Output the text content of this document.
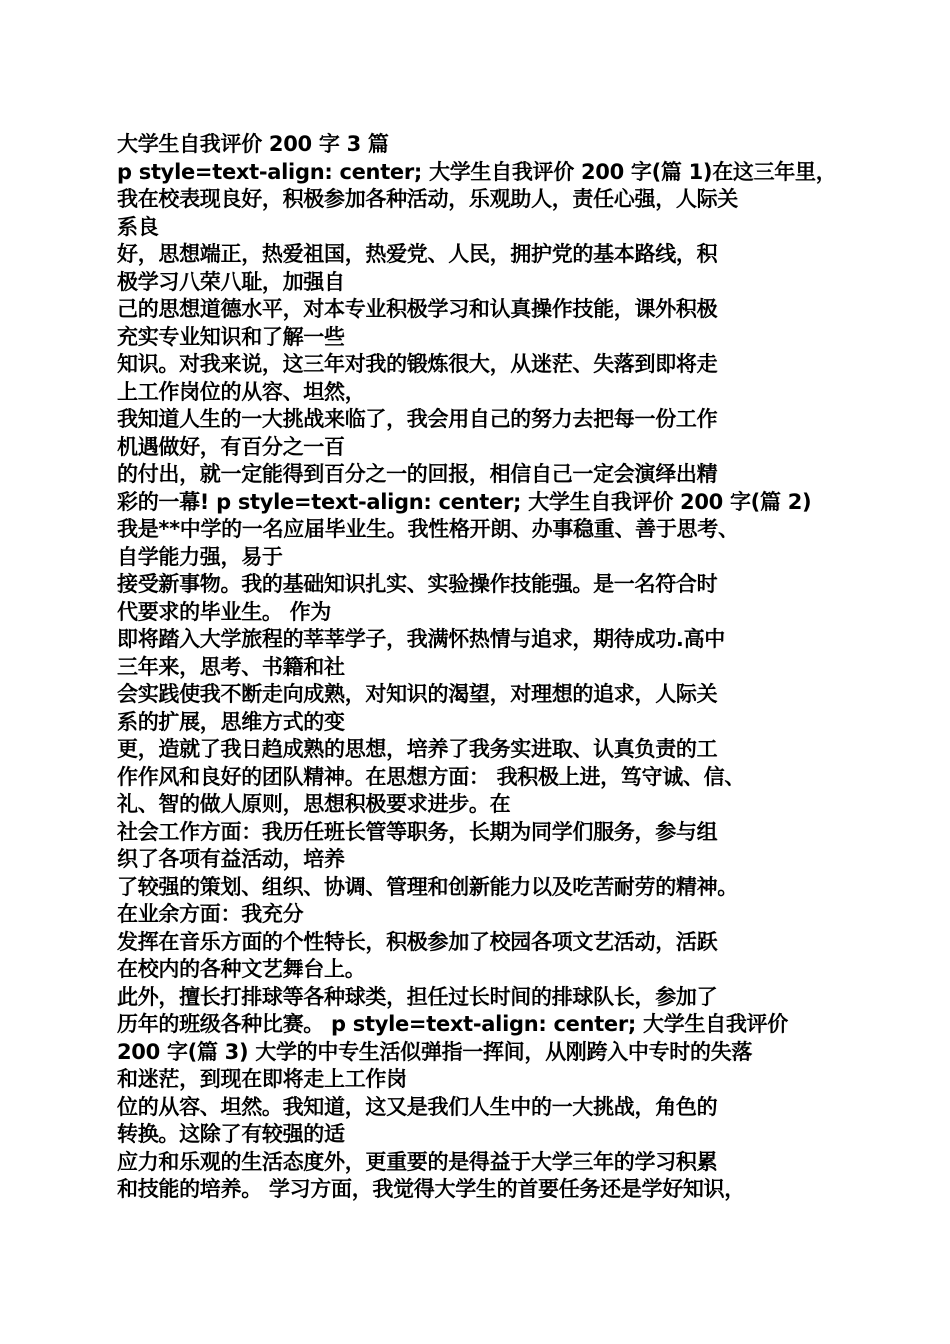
大学生自我评价 200 字 3 篇
p style=text-align: center; 大学生自我评价 200 字(篇 1)在这三年里，
我在校表现良好，积极参加各种活动，乐观助人，责任心强，人际关
系良
好，思想端正，热爱祖国，热爱党、人民，拥护党的基本路线，积
极学习八荣八耻，加强自
己的思想道德水平，对本专业积极学习和认真操作技能，课外积极
充实专业知识和了解一些
知识。对我来说，这三年对我的锻炼很大，从迷茫、失落到即将走
上工作岗位的从容、坦然，
我知道人生的一大挑战来临了，我会用自己的努力去把每一份工作
机遇做好，有百分之一百
的付出，就一定能得到百分之一的回报，相信自己一定会演绎出精
彩的一幕! p style=text-align: center; 大学生自我评价 200 字(篇 2)
我是**中学的一名应届毕业生。我性格开朗、办事稳重、善于思考、
自学能力强，易于
接受新事物。我的基础知识扎实、实验操作技能强。是一名符合时
代要求的毕业生。 作为
即将踏入大学旅程的莘莘学子，我满怀热情与追求，期待成功.高中
三年来，思考、书籍和社
会实践使我不断走向成熟，对知识的渴望，对理想的追求，人际关
系的扩展，思维方式的变
更，造就了我日趋成熟的思想，培养了我务实进取、认真负责的工
作作风和良好的团队精神。在思想方面： 我积极上进，笃守诚、信、
礼、智的做人原则，思想积极要求进步。在
社会工作方面：我历任班长管等职务，长期为同学们服务，参与组
织了各项有益活动，培养
了较强的策划、组织、协调、管理和创新能力以及吃苦耐劳的精神。
在业余方面：我充分
发挥在音乐方面的个性特长，积极参加了校园各项文艺活动，活跃
在校内的各种文艺舞台上。
此外，擅长打排球等各种球类，担任过长时间的排球队长，参加了
历年的班级各种比赛。 p style=text-align: center; 大学生自我评价
200 字(篇 3) 大学的中专生活似弹指一挥间，从刚跨入中专时的失落
和迷茫，到现在即将走上工作岗
位的从容、坦然。我知道，这又是我们人生中的一大挑战，角色的
转换。这除了有较强的适
应力和乐观的生活态度外，更重要的是得益于大学三年的学习积累
和技能的培养。 学习方面，我觉得大学生的首要任务还是学好知识，
